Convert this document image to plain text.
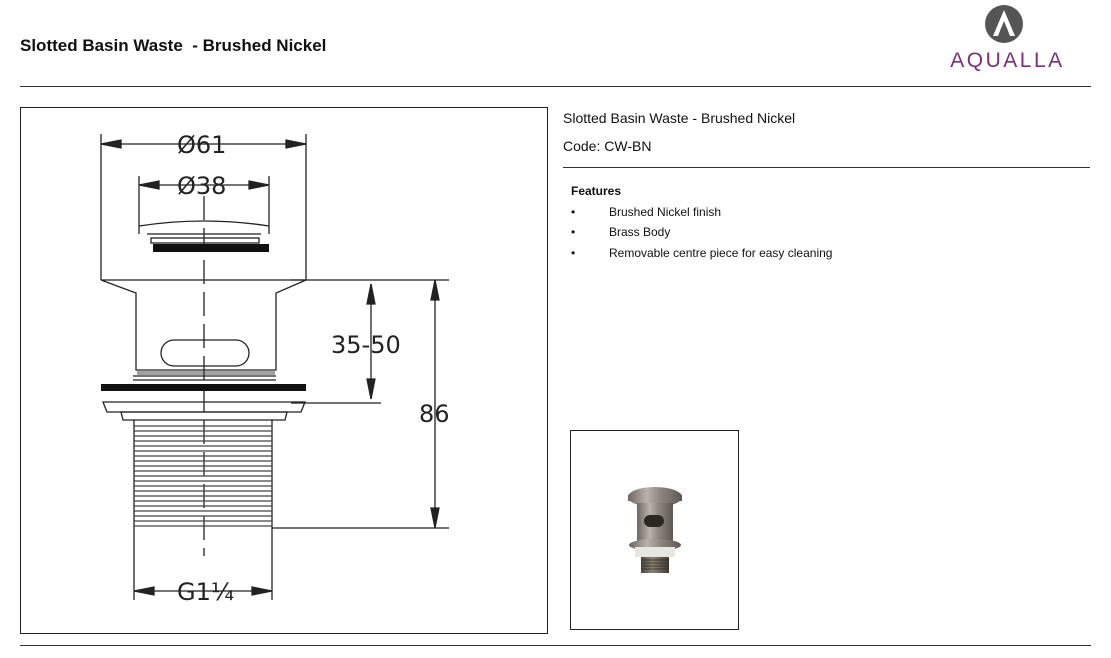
Slotted Basin Waste  - Brushed Nickel
AQUALLA
Ø61
Ø38
35-50
86
G1¼
Slotted Basin Waste - Brushed Nickel
Code: CW-BN
Features
•	Brushed Nickel finish
•	Brass Body
•	Removable centre piece for easy cleaning
